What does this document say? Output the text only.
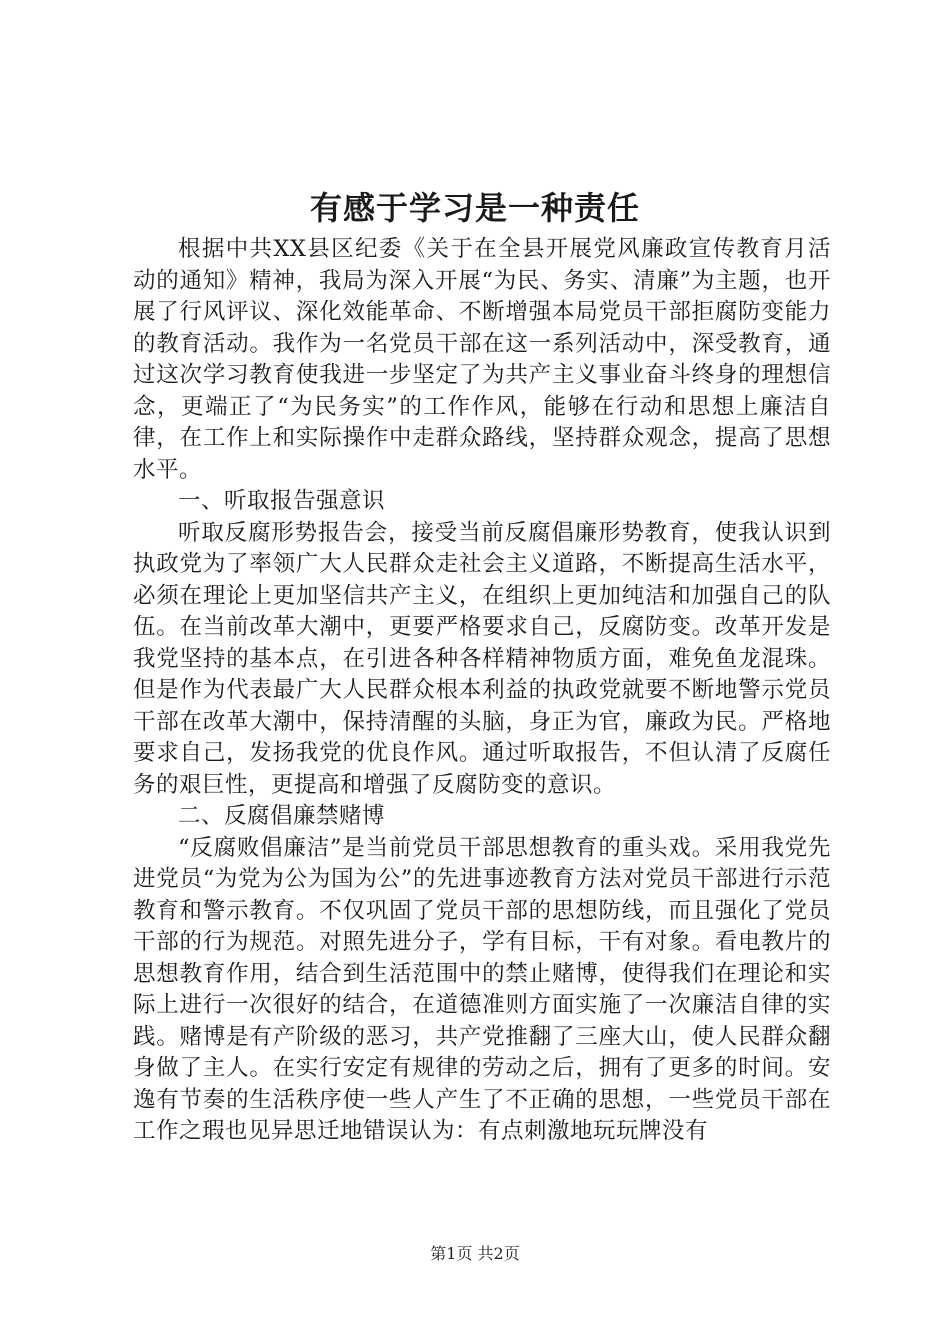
有感于学习是一种责任

根据中共XX县区纪委《关于在全县开展党风廉政宣传教育月活动的通知》精神，我局为深入开展“为民、务实、清廉”为主题，也开展了行风评议、深化效能革命、不断增强本局党员干部拒腐防变能力的教育活动。我作为一名党员干部在这一系列活动中，深受教育，通过这次学习教育使我进一步坚定了为共产主义事业奋斗终身的理想信念，更端正了“为民务实”的工作作风，能够在行动和思想上廉洁自律，在工作上和实际操作中走群众路线，坚持群众观念，提高了思想水平。

一、听取报告强意识

听取反腐形势报告会，接受当前反腐倡廉形势教育，使我认识到执政党为了率领广大人民群众走社会主义道路，不断提高生活水平，必须在理论上更加坚信共产主义，在组织上更加纯洁和加强自己的队伍。在当前改革大潮中，更要严格要求自己，反腐防变。改革开发是我党坚持的基本点，在引进各种各样精神物质方面，难免鱼龙混珠。但是作为代表最广大人民群众根本利益的执政党就要不断地警示党员干部在改革大潮中，保持清醒的头脑，身正为官，廉政为民。严格地要求自己，发扬我党的优良作风。通过听取报告，不但认清了反腐任务的艰巨性，更提高和增强了反腐防变的意识。

二、反腐倡廉禁赌博

“反腐败倡廉洁”是当前党员干部思想教育的重头戏。采用我党先进党员“为党为公为国为公”的先进事迹教育方法对党员干部进行示范教育和警示教育。不仅巩固了党员干部的思想防线，而且强化了党员干部的行为规范。对照先进分子，学有目标，干有对象。看电教片的思想教育作用，结合到生活范围中的禁止赌博，使得我们在理论和实际上进行一次很好的结合，在道德准则方面实施了一次廉洁自律的实践。赌博是有产阶级的恶习，共产党推翻了三座大山，使人民群众翻身做了主人。在实行安定有规律的劳动之后，拥有了更多的时间。安逸有节奏的生活秩序使一些人产生了不正确的思想，一些党员干部在工作之瑕也见异思迁地错误认为：有点刺激地玩玩牌没有

第1页 共2页
